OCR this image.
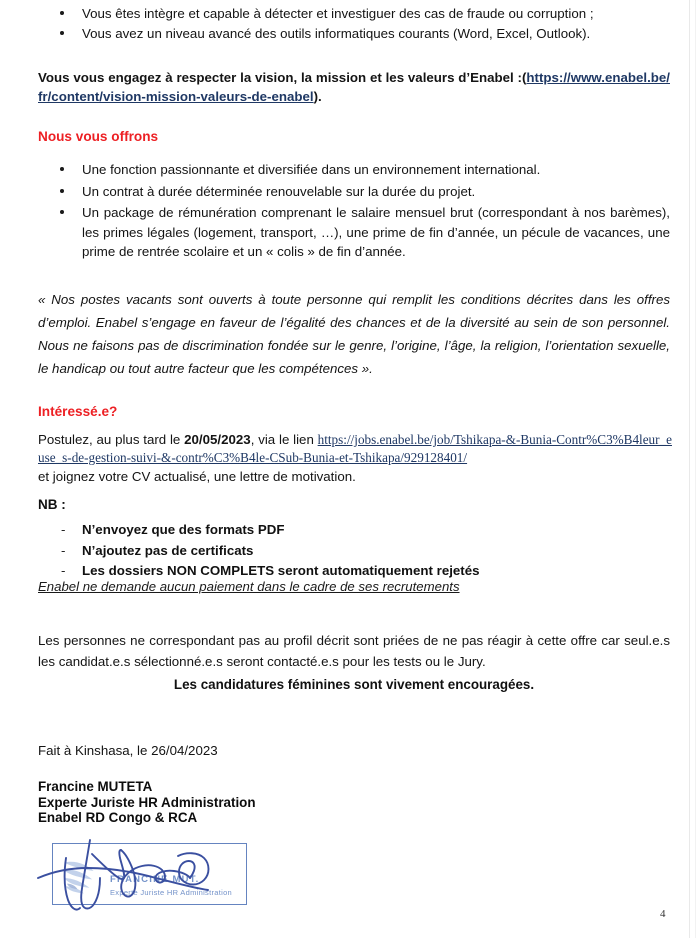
Vous êtes intègre et capable à détecter et investiguer des cas de fraude ou corruption ;
Vous avez un niveau avancé des outils informatiques courants (Word, Excel, Outlook).

Vous vous engagez à respecter la vision, la mission et les valeurs d’Enabel :(https://www.enabel.be/fr/content/vision-mission-valeurs-de-enabel).

Nous vous offrons
Une fonction passionnante et diversifiée dans un environnement international.
Un contrat à durée déterminée renouvelable sur la durée du projet.
Un package de rémunération comprenant le salaire mensuel brut (correspondant à nos barèmes), les primes légales (logement, transport, …), une prime de fin d’année, un pécule de vacances, une prime de rentrée scolaire et un « colis » de fin d’année.

« Nos postes vacants sont ouverts à toute personne qui remplit les conditions décrites dans les offres d’emploi. Enabel s’engage en faveur de l’égalité des chances et de la diversité au sein de son personnel. Nous ne faisons pas de discrimination fondée sur le genre, l’origine, l’âge, la religion, l’orientation sexuelle, le handicap ou tout autre facteur que les compétences ».

Intéressé.e?

Postulez, au plus tard le 20/05/2023, via le lien https://jobs.enabel.be/job/Tshikapa-&-Bunia-Contr%C3%B4leur_euse_s-de-gestion-suivi-&-contr%C3%B4le-CSub-Bunia-et-Tshikapa/929128401/

et joignez votre CV actualisé, une lettre de motivation.

NB :

- N’envoyez que des formats PDF
- N’ajoutez pas de certificats
- Les dossiers NON COMPLETS seront automatiquement rejetés

Enabel ne demande aucun paiement dans le cadre de ses recrutements

Les personnes ne correspondant pas au profil décrit sont priées de ne pas réagir à cette offre car seul.e.s les candidat.e.s sélectionné.e.s seront contacté.e.s pour les tests ou le Jury.

Les candidatures féminines sont vivement encouragées.

Fait à Kinshasa, le 26/04/2023

Francine MUTETA

Experte Juriste HR Administration

Enabel RD Congo & RCA

FRANCINE MUT.
Experte Juriste HR Administration

4
